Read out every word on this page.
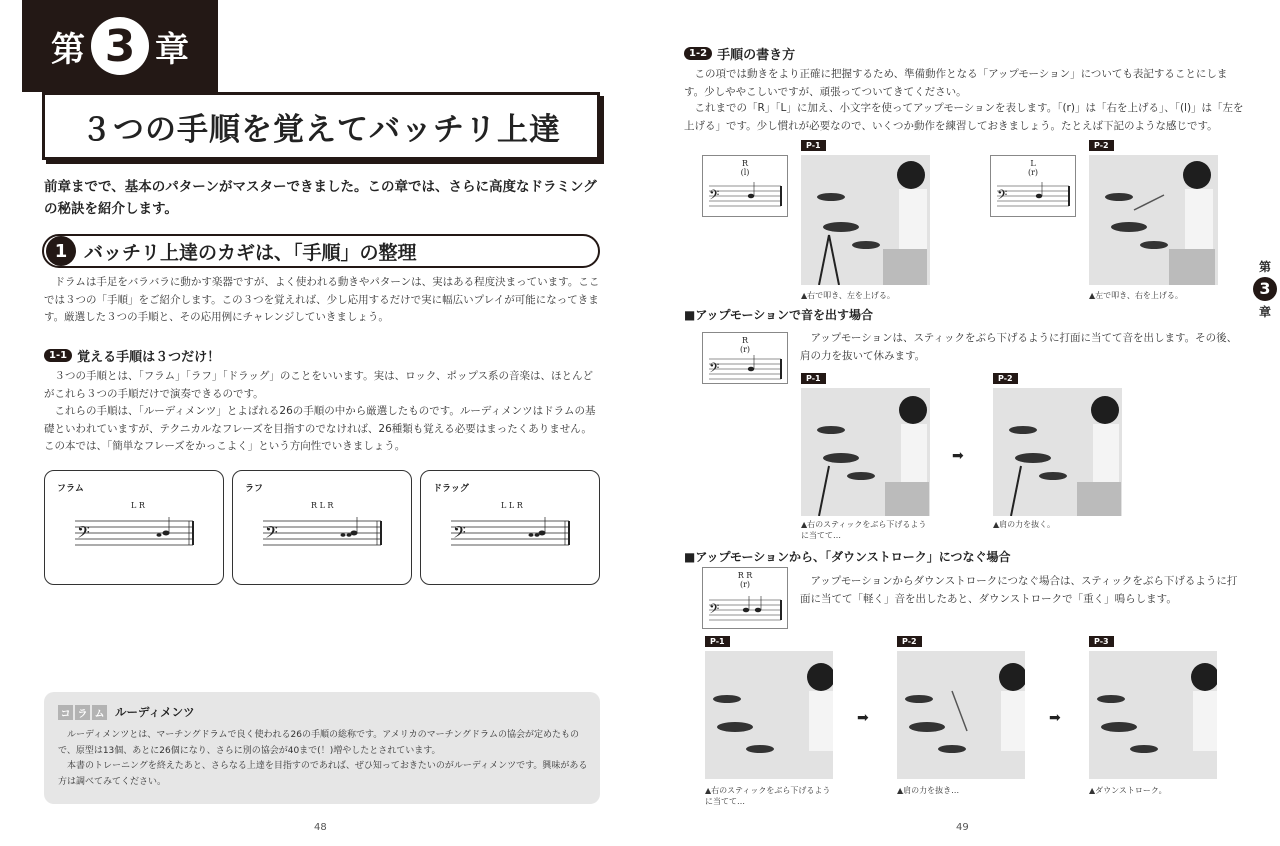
第 3 章
３つの手順を覚えてバッチリ上達
前章までで、基本のパターンがマスターできました。この章では、さらに高度なドラミングの秘訣を紹介します。
1 バッチリ上達のカギは、「手順」の整理
ドラムは手足をバラバラに動かす楽器ですが、よく使われる動きやパターンは、実はある程度決まっています。ここでは３つの「手順」をご紹介します。この３つを覚えれば、少し応用するだけで実に幅広いプレイが可能になってきます。厳選した３つの手順と、その応用例にチャレンジしていきましょう。
1-1 覚える手順は３つだけ！
３つの手順とは、「フラム」「ラフ」「ドラッグ」のことをいいます。実は、ロック、ポップス系の音楽は、ほとんどがこれら３つの手順だけで演奏できるのです。
これらの手順は、「ルーディメンツ」とよばれる26の手順の中から厳選したものです。ルーディメンツはドラムの基礎といわれていますが、テクニカルなフレーズを目指すのでなければ、26種類も覚える必要はまったくありません。この本では、「簡単なフレーズをかっこよく」という方向性でいきましょう。
フラム
L R
𝄢
ラフ
R L R
𝄢
ドラッグ
L L R
𝄢
コ ラ ム ルーディメンツ

ルーディメンツとは、マーチングドラムで良く使われる26の手順の総称です。アメリカのマーチングドラムの協会が定めたもので、原型は13個、あとに26個になり、さらに別の協会が40まで(！)増やしたとされています。

本書のトレーニングを終えたあと、さらなる上達を目指すのであれば、ぜひ知っておきたいのがルーディメンツです。興味がある方は調べてみてください。

48
1-2 手順の書き方
この項では動きをより正確に把握するため、準備動作となる「アップモーション」についても表記することにします。少しややこしいですが、頑張ってついてきてください。
これまでの「R」「L」に加え、小文字を使ってアップモーションを表します。「(r)」は「右を上げる」、「(l)」は「左を上げる」です。少し慣れが必要なので、いくつか動作を練習しておきましょう。たとえば下記のような感じです。
R
(l)
𝄢
P-1
▲右で叩き、左を上げる。
L
(r)
𝄢
P-2
▲左で叩き、右を上げる。
■アップモーションで音を出す場合
R
(r)
𝄢
アップモーションは、スティックをぶら下げるように打面に当てて音を出します。その後、肩の力を抜いて休みます。
P-1
▲右のスティックをぶら下げるように当てて…
➡
P-2
▲肩の力を抜く。
■アップモーションから、「ダウンストローク」につなぐ場合
R R
(r)
𝄢
アップモーションからダウンストロークにつなぐ場合は、スティックをぶら下げるように打面に当てて「軽く」音を出したあと、ダウンストロークで「重く」鳴らします。
P-1
▲右のスティックをぶら下げるように当てて…
➡
P-2
▲肩の力を抜き…
➡
P-3
▲ダウンストローク。
第
3
章
49
